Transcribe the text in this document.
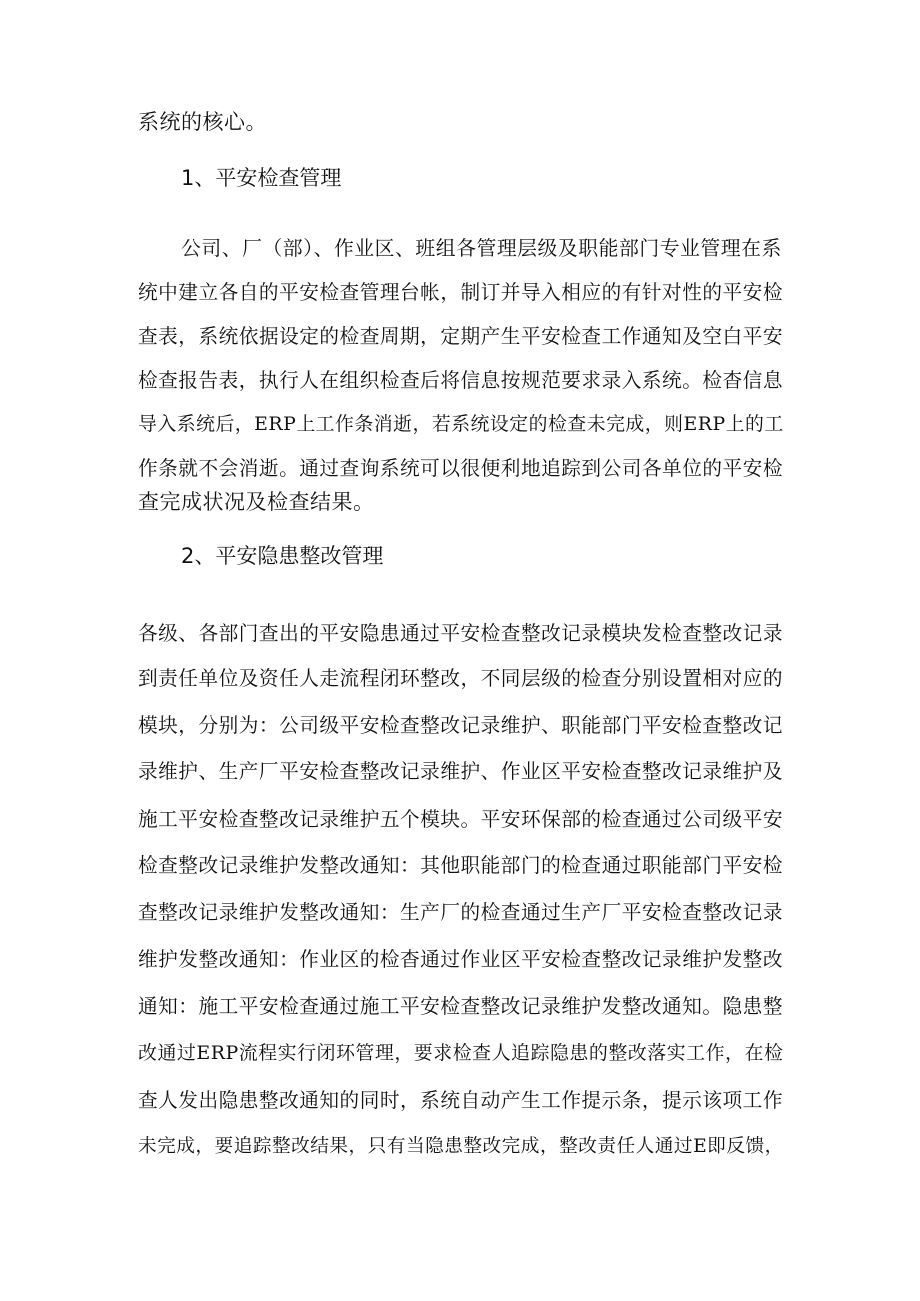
系统的核心。

1、平安检查管理

公司、厂（部）、作业区、班组各管理层级及职能部门专业管理在系

统中建立各自的平安检查管理台帐，制订并导入相应的有针对性的平安检

查表，系统依据设定的检查周期，定期产生平安检查工作通知及空白平安

检查报告表，执行人在组织检查后将信息按规范要求录入系统。检杳信息

导入系统后，ERP上工作条消逝，若系统设定的检查未完成，则ERP上的工

作条就不会消逝。通过查询系统可以很便利地追踪到公司各单位的平安检

查完成状况及检查结果。

2、平安隐患整改管理

各级、各部门查出的平安隐患通过平安检查整改记录模块发检查整改记录

到责任单位及资任人走流程闭环整改，不同层级的检查分别设置相对应的

模块，分别为：公司级平安检查整改记录维护、职能部门平安检查整改记

录维护、生产厂平安检查整改记录维护、作业区平安检查整改记录维护及

施工平安检查整改记录维护五个模块。平安环保部的检查通过公司级平安

检查整改记录维护发整改通知：其他职能部门的检查通过职能部门平安检

查整改记录维护发整改通知：生产厂的检查通过生产厂平安检查整改记录

维护发整改通知：作业区的检杳通过作业区平安检查整改记录维护发整改

通知：施工平安检查通过施工平安检查整改记录维护发整改通知。隐患整

改通过ERP流程实行闭环管理，要求检查人追踪隐患的整改落实工作，在检

查人发出隐患整改通知的同时，系统自动产生工作提示条，提示该项工作

未完成，要追踪整改结果，只有当隐患整改完成，整改责任人通过E即反馈，
